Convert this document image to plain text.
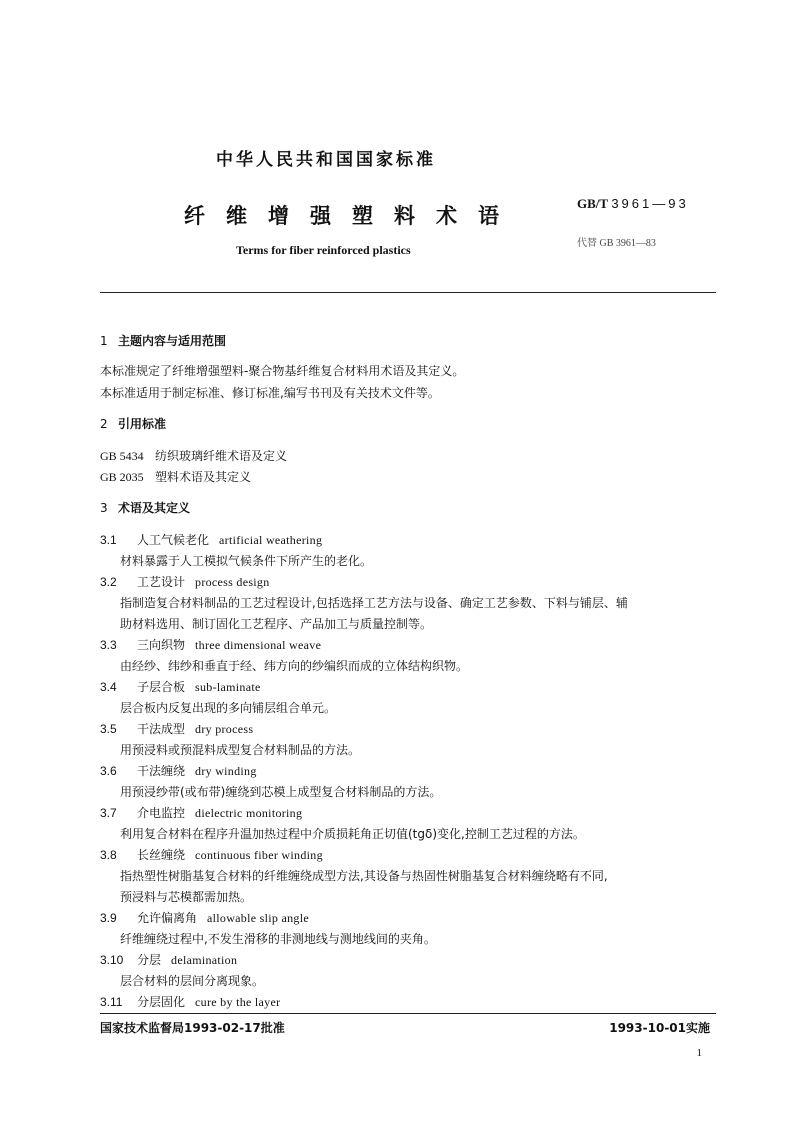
中华人民共和国国家标准
纤维增强塑料术语
Terms for fiber reinforced plastics
GB/T 3961—93
代替 GB 3961—83
1 主题内容与适用范围
本标准规定了纤维增强塑料-聚合物基纤维复合材料用术语及其定义。
本标准适用于制定标准、修订标准,编写书刊及有关技术文件等。
2 引用标准
GB 5434 纺织玻璃纤维术语及定义
GB 2035 塑料术语及其定义
3 术语及其定义
3.1 人工气候老化 artificial weathering
材料暴露于人工模拟气候条件下所产生的老化。
3.2 工艺设计 process design
指制造复合材料制品的工艺过程设计,包括选择工艺方法与设备、确定工艺参数、下料与铺层、辅
助材料选用、制订固化工艺程序、产品加工与质量控制等。
3.3 三向织物 three dimensional weave
由经纱、纬纱和垂直于经、纬方向的纱编织而成的立体结构织物。
3.4 子层合板 sub-laminate
层合板内反复出现的多向铺层组合单元。
3.5 干法成型 dry process
用预浸料或预混料成型复合材料制品的方法。
3.6 干法缠绕 dry winding
用预浸纱带(或布带)缠绕到芯模上成型复合材料制品的方法。
3.7 介电监控 dielectric monitoring
利用复合材料在程序升温加热过程中介质损耗角正切值(tgδ)变化,控制工艺过程的方法。
3.8 长丝缠绕 continuous fiber winding
指热塑性树脂基复合材料的纤维缠绕成型方法,其设备与热固性树脂基复合材料缠绕略有不同,
预浸料与芯模都需加热。
3.9 允许偏离角 allowable slip angle
纤维缠绕过程中,不发生滑移的非测地线与测地线间的夹角。
3.10 分层 delamination
层合材料的层间分离现象。
3.11 分层固化 cure by the layer
国家技术监督局1993-02-17批准	1993-10-01实施
1
